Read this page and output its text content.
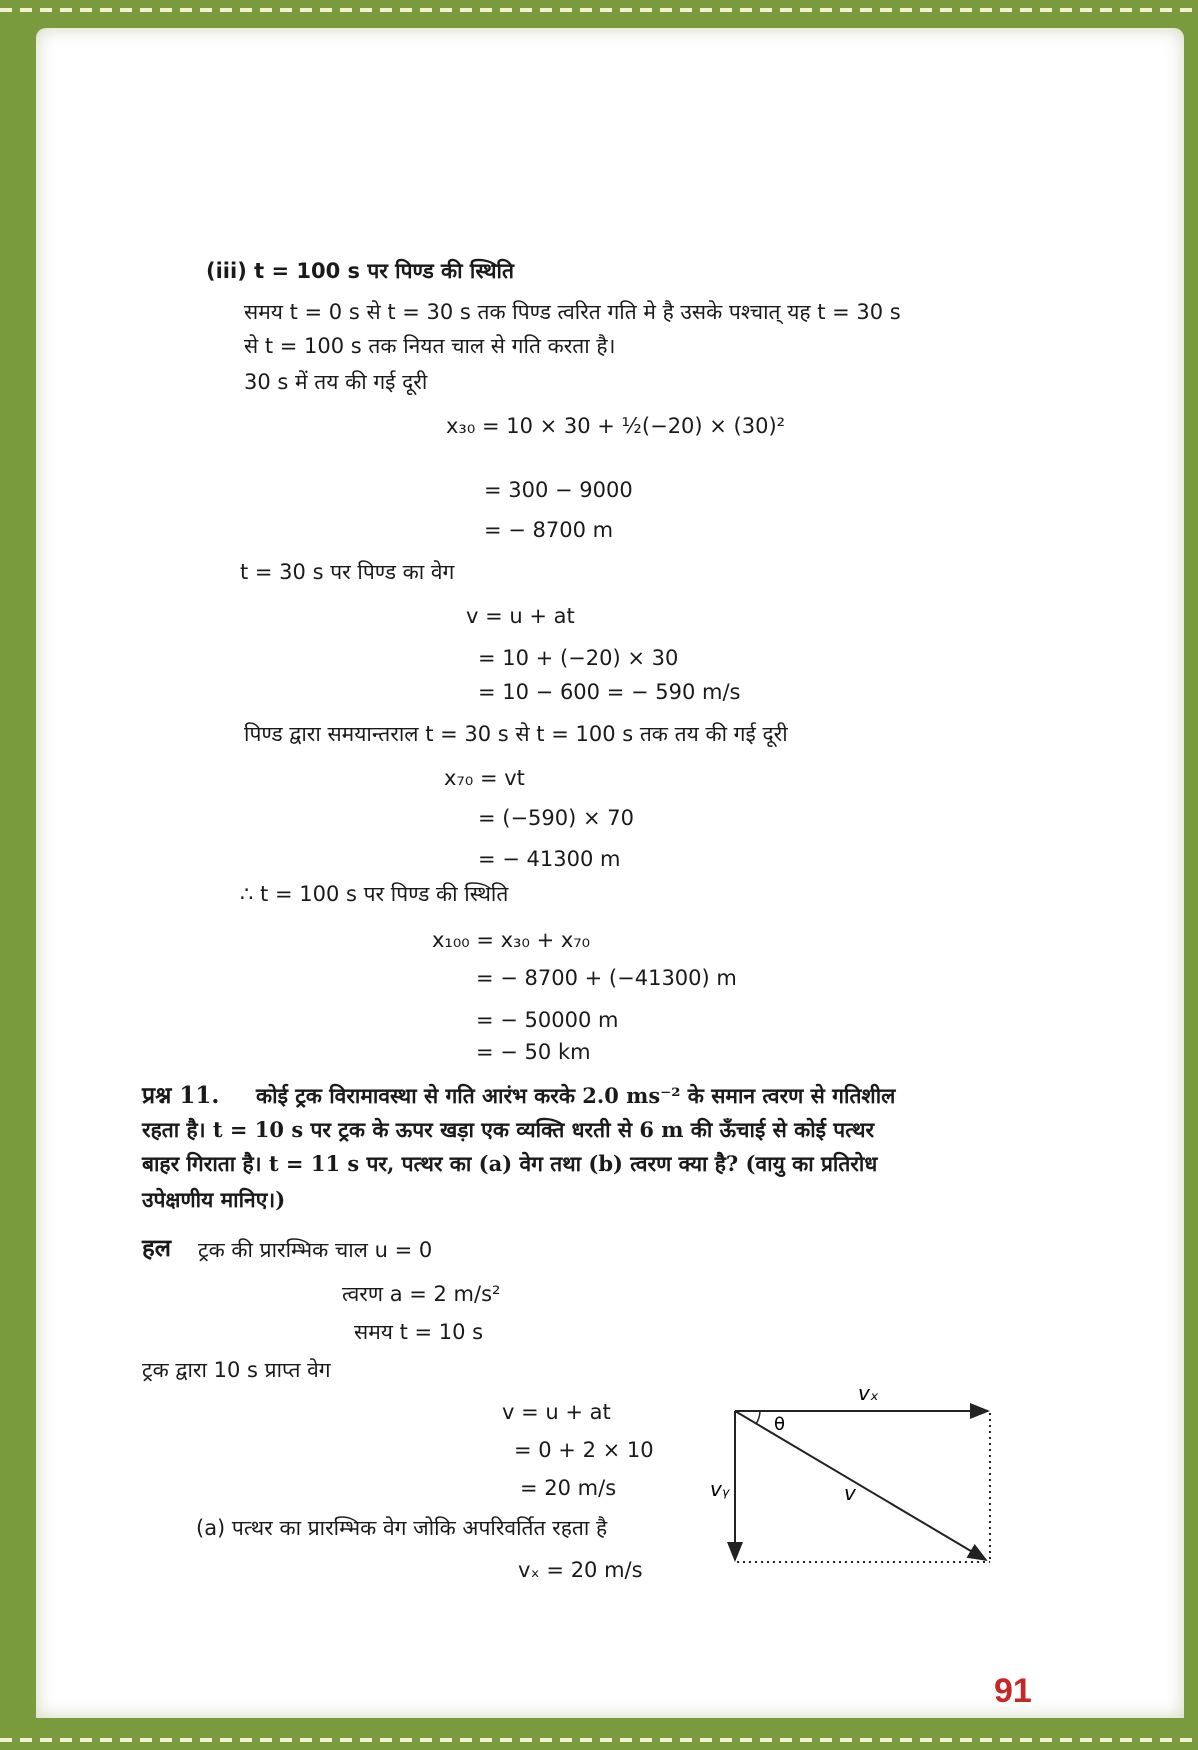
(iii) t = 100 s पर पिण्ड की स्थिति
समय t = 0 s से t = 30 s तक पिण्ड त्वरित गति मे है उसके पश्चात् यह t = 30 s
से t = 100 s तक नियत चाल से गति करता है।
30 s में तय की गई दूरी
x₃₀ = 10 × 30 + ½(−20) × (30)²
= 300 − 9000
= − 8700 m
t = 30 s पर पिण्ड का वेग
v = u + at
= 10 + (−20) × 30
= 10 − 600 = − 590 m/s
पिण्ड द्वारा समयान्तराल t = 30 s से t = 100 s तक तय की गई दूरी
x₇₀ = vt
= (−590) × 70
= − 41300 m
∴ t = 100 s पर पिण्ड की स्थिति
x₁₀₀ = x₃₀ + x₇₀
= − 8700 + (−41300) m
= − 50000 m
= − 50 km
प्रश्न 11. कोई ट्रक विरामावस्था से गति आरंभ करके 2.0 ms⁻² के समान त्वरण से गतिशील
रहता है। t = 10 s पर ट्रक के ऊपर खड़ा एक व्यक्ति धरती से 6 m की ऊँचाई से कोई पत्थर
बाहर गिराता है। t = 11 s पर, पत्थर का (a) वेग तथा (b) त्वरण क्या है? (वायु का प्रतिरोध
उपेक्षणीय मानिए।)
हल ट्रक की प्रारम्भिक चाल u = 0
त्वरण a = 2 m/s²
समय t = 10 s
ट्रक द्वारा 10 s प्राप्त वेग
v = u + at
= 0 + 2 × 10
= 20 m/s
(a) पत्थर का प्रारम्भिक वेग जोकि अपरिवर्तित रहता है
vₓ = 20 m/s
vₓ
vᵧ	v
θ
91
